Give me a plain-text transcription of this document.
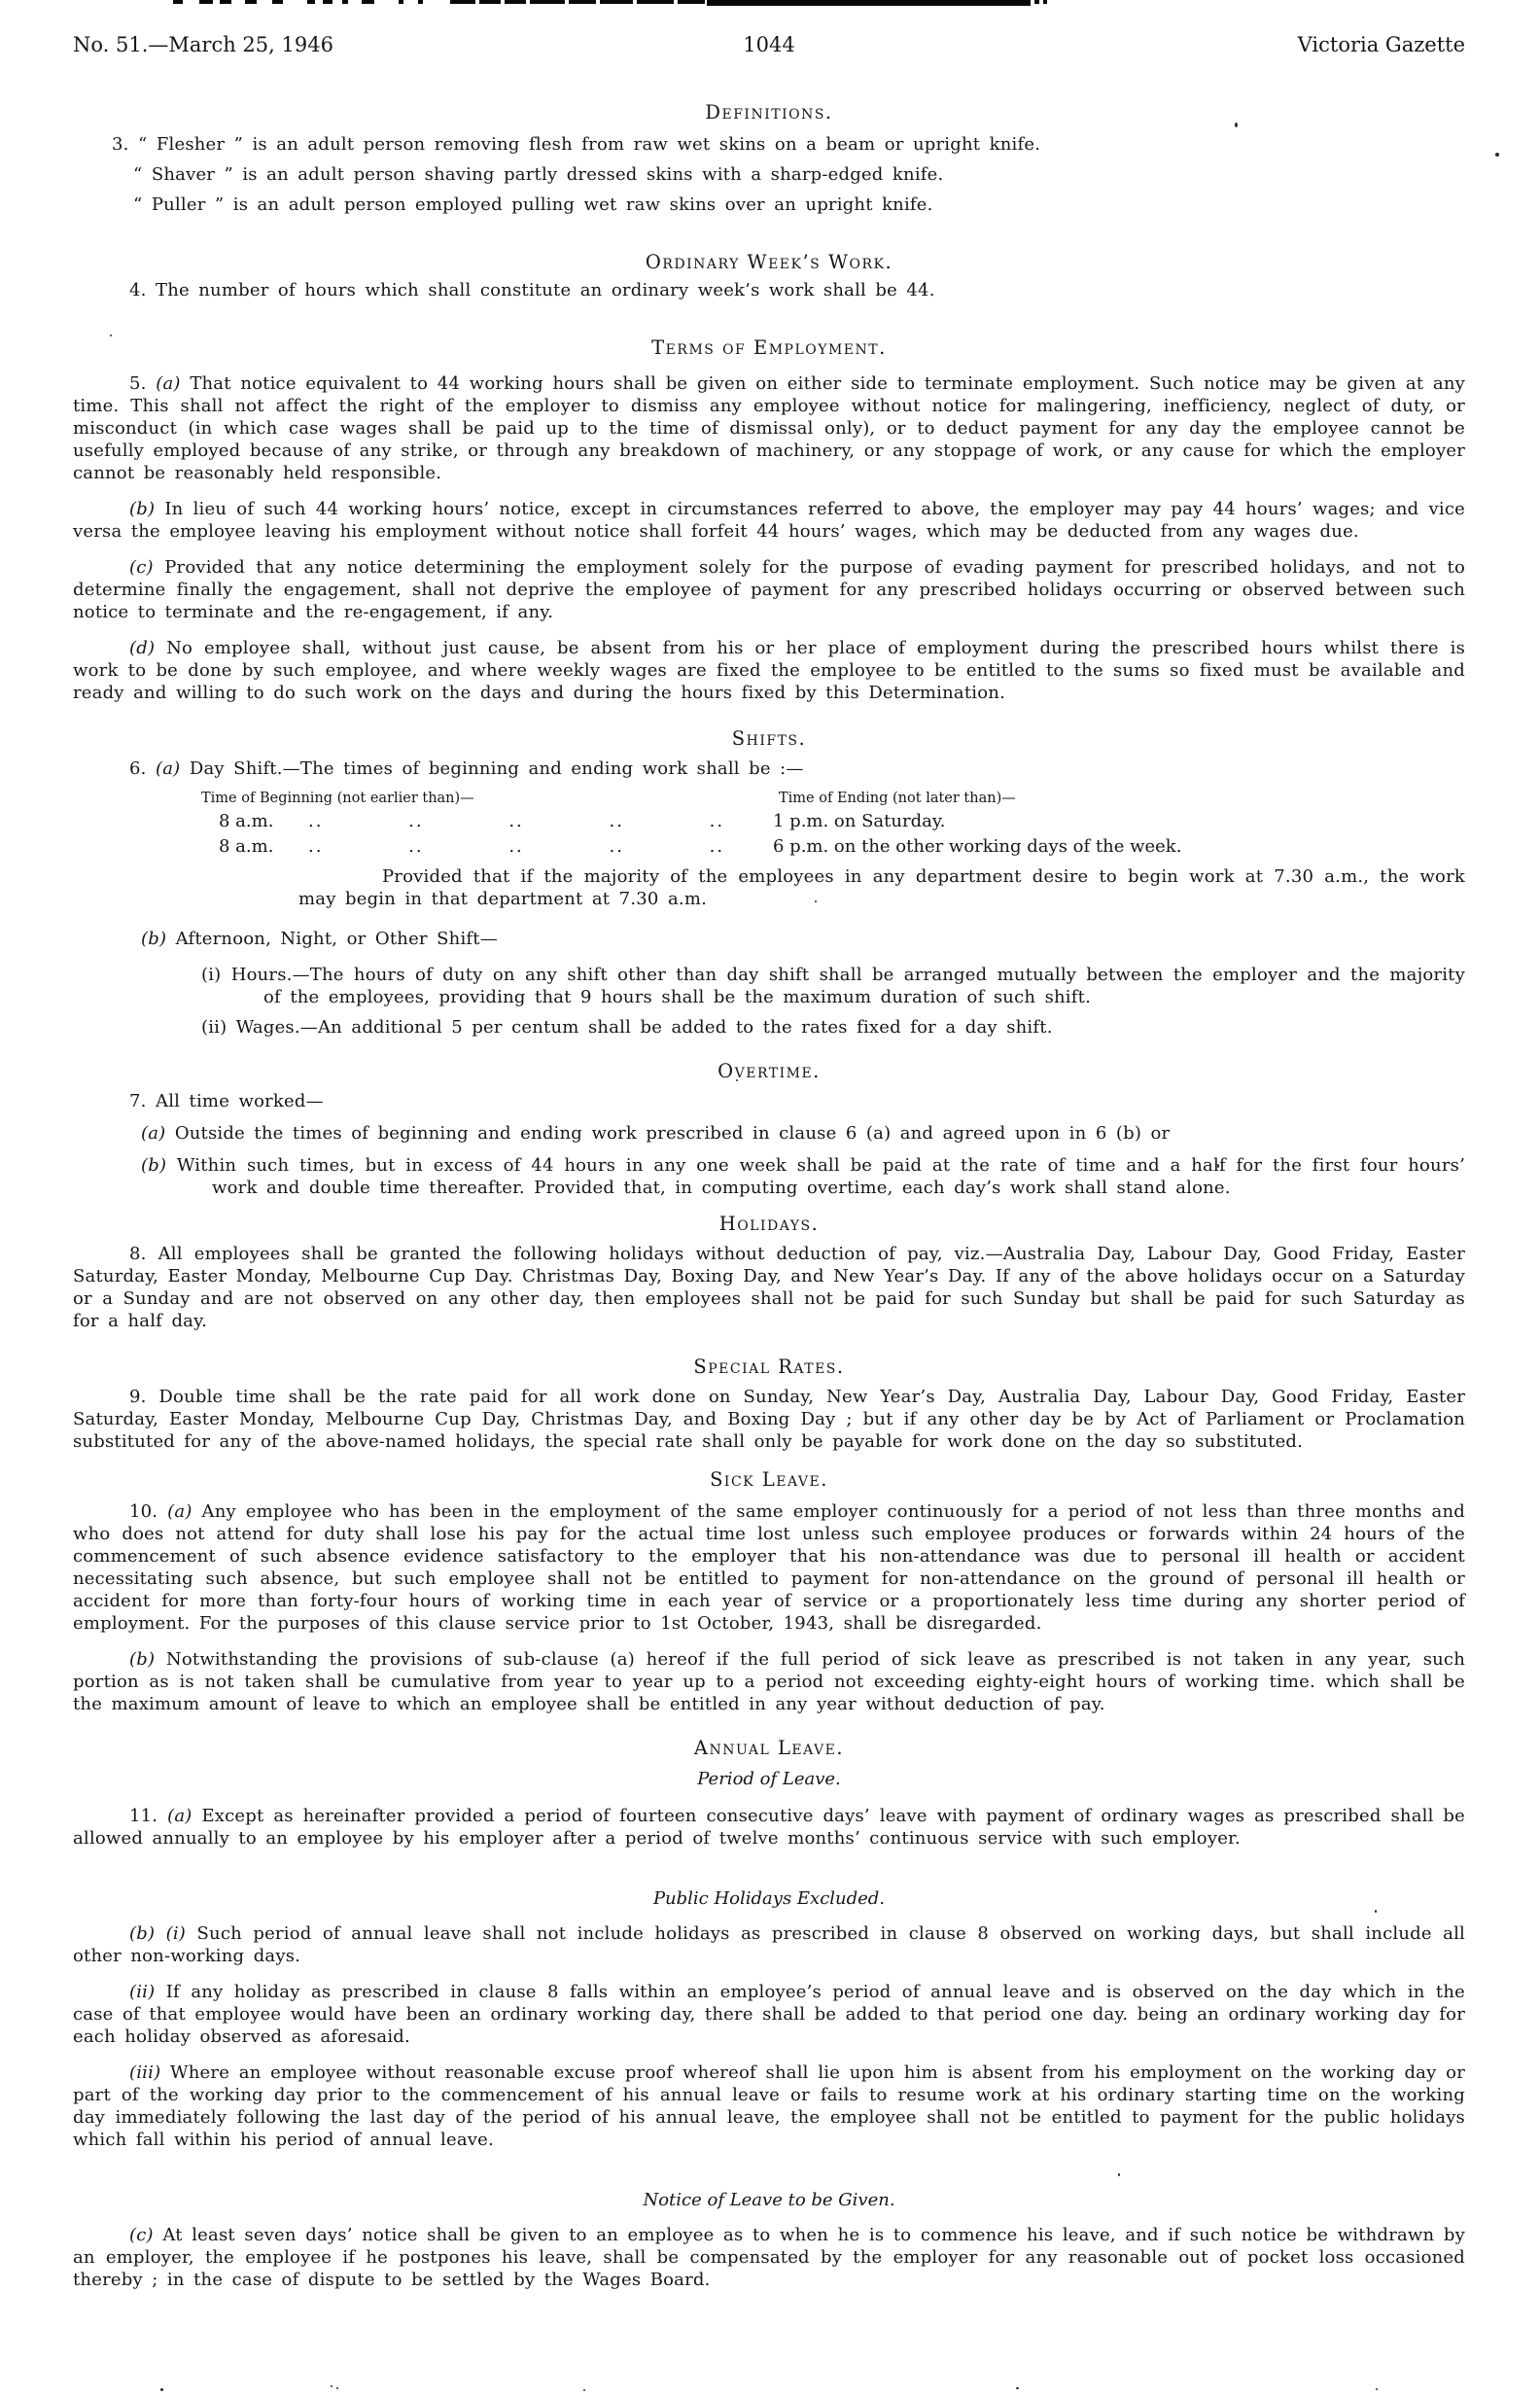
No. 51.—March 25, 1946	1044	Victoria Gazette
Definitions.

3. “ Flesher ” is an adult person removing flesh from raw wet skins on a beam or upright knife.

“ Shaver ” is an adult person shaving partly dressed skins with a sharp-edged knife.

“ Puller ” is an adult person employed pulling wet raw skins over an upright knife.

Ordinary Week’s Work.

4. The number of hours which shall constitute an ordinary week’s work shall be 44.

Terms of Employment.

5. (a) That notice equivalent to 44 working hours shall be given on either side to terminate employment. Such notice may be given at any time. This shall not affect the right of the employer to dismiss any employee without notice for malingering, inefficiency, neglect of duty, or misconduct (in which case wages shall be paid up to the time of dismissal only), or to deduct payment for any day the employee cannot be usefully employed because of any strike, or through any breakdown of machinery, or any stoppage of work, or any cause for which the employer cannot be reasonably held responsible.

(b) In lieu of such 44 working hours’ notice, except in circumstances referred to above, the employer may pay 44 hours’ wages; and vice versa the employee leaving his employment without notice shall forfeit 44 hours’ wages, which may be deducted from any wages due.

(c) Provided that any notice determining the employment solely for the purpose of evading payment for prescribed holidays, and not to determine finally the engagement, shall not deprive the employee of payment for any prescribed holidays occurring or observed between such notice to terminate and the re-engagement, if any.

(d) No employee shall, without just cause, be absent from his or her place of employment during the prescribed hours whilst there is work to be done by such employee, and where weekly wages are fixed the employee to be entitled to the sums so fixed must be available and ready and willing to do such work on the days and during the hours fixed by this Determination.

Shifts.

6. (a) Day Shift.—The times of beginning and ending work shall be :—

Time of Beginning (not earlier than)—	Time of Ending (not later than)—
8 a.m. .. .. .. .. ..	1 p.m. on Saturday.
8 a.m. .. .. .. .. ..	6 p.m. on the other working days of the week.

Provided that if the majority of the employees in any department desire to begin work at 7.30 a.m., the work may begin in that department at 7.30 a.m.

(b) Afternoon, Night, or Other Shift—

(i) Hours.—The hours of duty on any shift other than day shift shall be arranged mutually between the employer and the majority of the employees, providing that 9 hours shall be the maximum duration of such shift.

(ii) Wages.—An additional 5 per centum shall be added to the rates fixed for a day shift.

Overtime.

7. All time worked—

(a) Outside the times of beginning and ending work prescribed in clause 6 (a) and agreed upon in 6 (b) or

(b) Within such times, but in excess of 44 hours in any one week shall be paid at the rate of time and a half for the first four hours’ work and double time thereafter. Provided that, in computing overtime, each day’s work shall stand alone.

Holidays.

8. All employees shall be granted the following holidays without deduction of pay, viz.—Australia Day, Labour Day, Good Friday, Easter Saturday, Easter Monday, Melbourne Cup Day. Christmas Day, Boxing Day, and New Year’s Day. If any of the above holidays occur on a Saturday or a Sunday and are not observed on any other day, then employees shall not be paid for such Sunday but shall be paid for such Saturday as for a half day.

Special Rates.

9. Double time shall be the rate paid for all work done on Sunday, New Year’s Day, Australia Day, Labour Day, Good Friday, Easter Saturday, Easter Monday, Melbourne Cup Day, Christmas Day, and Boxing Day ; but if any other day be by Act of Parliament or Proclamation substituted for any of the above-named holidays, the special rate shall only be payable for work done on the day so substituted.

Sick Leave.

10. (a) Any employee who has been in the employment of the same employer continuously for a period of not less than three months and who does not attend for duty shall lose his pay for the actual time lost unless such employee produces or forwards within 24 hours of the commencement of such absence evidence satisfactory to the employer that his non-attendance was due to personal ill health or accident necessitating such absence, but such employee shall not be entitled to payment for non-attendance on the ground of personal ill health or accident for more than forty-four hours of working time in each year of service or a proportionately less time during any shorter period of employment. For the purposes of this clause service prior to 1st October, 1943, shall be disregarded.

(b) Notwithstanding the provisions of sub-clause (a) hereof if the full period of sick leave as prescribed is not taken in any year, such portion as is not taken shall be cumulative from year to year up to a period not exceeding eighty-eight hours of working time. which shall be the maximum amount of leave to which an employee shall be entitled in any year without deduction of pay.

Annual Leave.
Period of Leave.

11. (a) Except as hereinafter provided a period of fourteen consecutive days’ leave with payment of ordinary wages as prescribed shall be allowed annually to an employee by his employer after a period of twelve months’ continuous service with such employer.

Public Holidays Excluded.

(b) (i) Such period of annual leave shall not include holidays as prescribed in clause 8 observed on working days, but shall include all other non-working days.

(ii) If any holiday as prescribed in clause 8 falls within an employee’s period of annual leave and is observed on the day which in the case of that employee would have been an ordinary working day, there shall be added to that period one day. being an ordinary working day for each holiday observed as aforesaid.

(iii) Where an employee without reasonable excuse proof whereof shall lie upon him is absent from his employment on the working day or part of the working day prior to the commencement of his annual leave or fails to resume work at his ordinary starting time on the working day immediately following the last day of the period of his annual leave, the employee shall not be entitled to payment for the public holidays which fall within his period of annual leave.

Notice of Leave to be Given.

(c) At least seven days’ notice shall be given to an employee as to when he is to commence his leave, and if such notice be withdrawn by an employer, the employee if he postpones his leave, shall be compensated by the employer for any reasonable out of pocket loss occasioned thereby ; in the case of dispute to be settled by the Wages Board.
